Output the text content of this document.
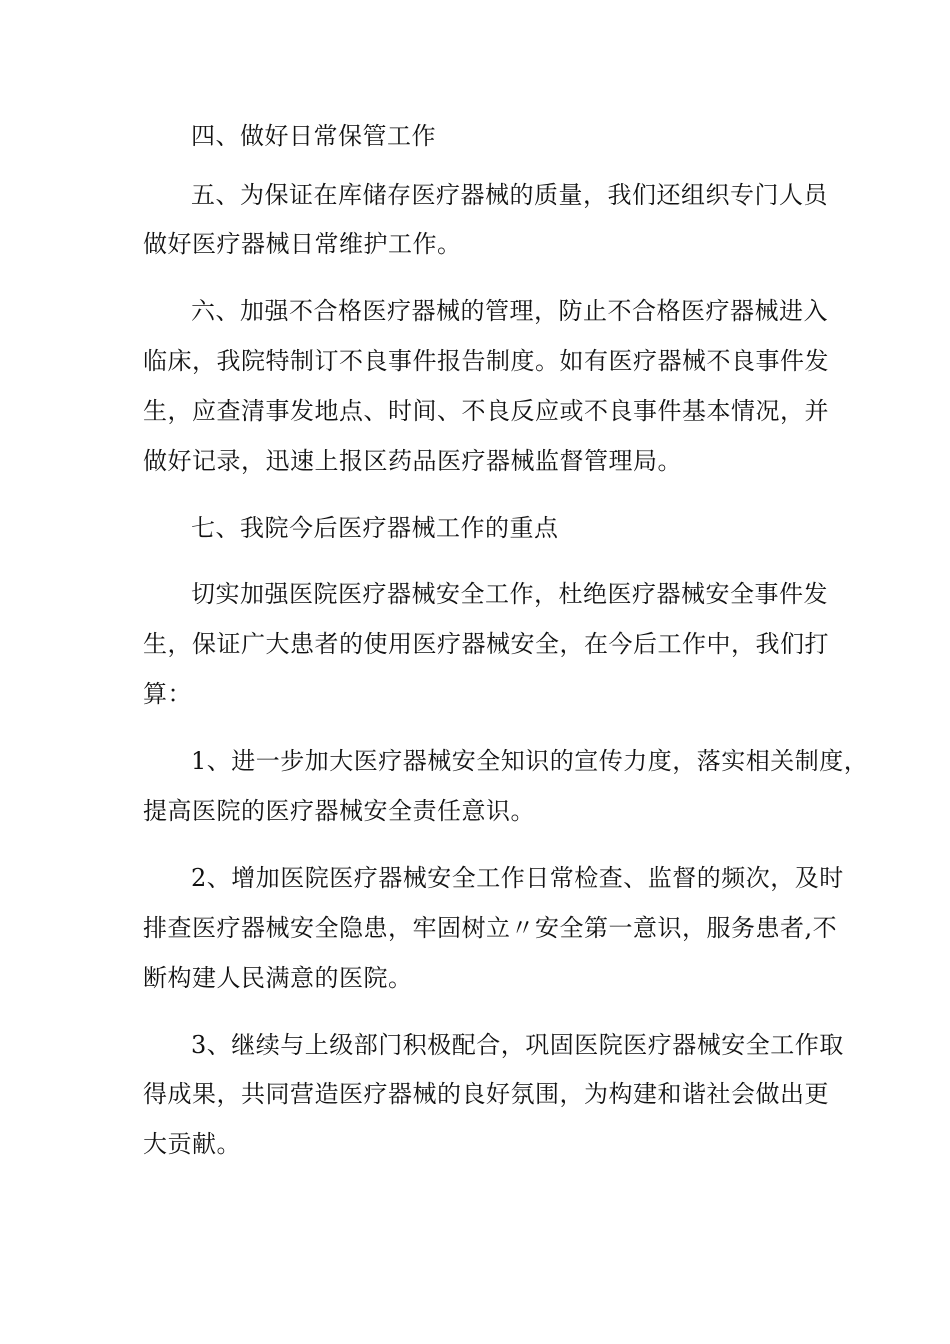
四、做好日常保管工作

五、为保证在库储存医疗器械的质量，我们还组织专门人员

做好医疗器械日常维护工作。

六、加强不合格医疗器械的管理，防止不合格医疗器械进入

临床，我院特制订不良事件报告制度。如有医疗器械不良事件发

生，应查清事发地点、时间、不良反应或不良事件基本情况，并

做好记录，迅速上报区药品医疗器械监督管理局。

七、我院今后医疗器械工作的重点

切实加强医院医疗器械安全工作，杜绝医疗器械安全事件发

生，保证广大患者的使用医疗器械安全，在今后工作中，我们打

算：

1、进一步加大医疗器械安全知识的宣传力度，落实相关制度，

提高医院的医疗器械安全责任意识。

2、增加医院医疗器械安全工作日常检查、监督的频次，及时

排查医疗器械安全隐患，牢固树立〃安全第一意识，服务患者,不

断构建人民满意的医院。

3、继续与上级部门积极配合，巩固医院医疗器械安全工作取

得成果，共同营造医疗器械的良好氛围，为构建和谐社会做出更

大贡献。
